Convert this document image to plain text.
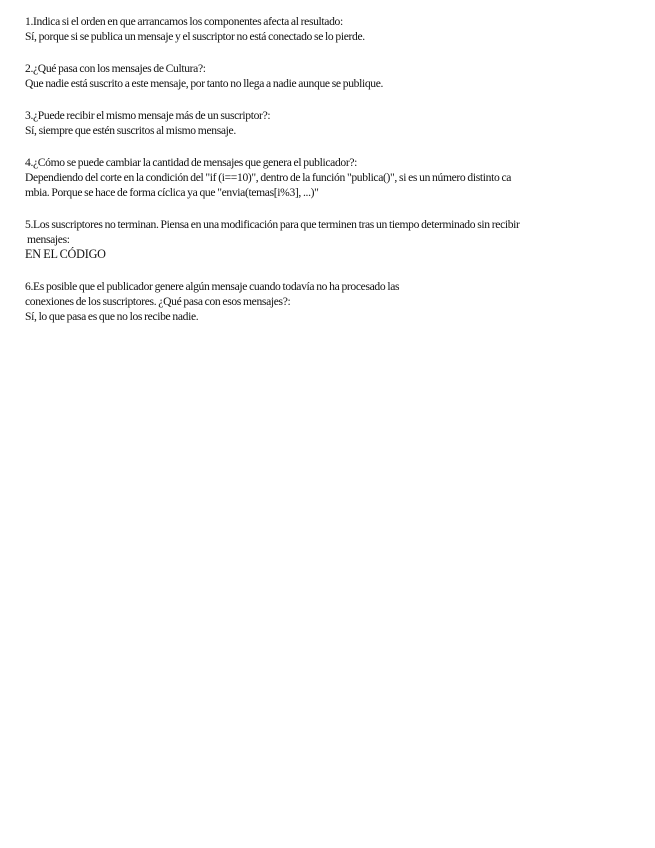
1.Indica si el orden en que arrancamos los componentes afecta al resultado:
Sí, porque si se publica un mensaje y el suscriptor no está conectado se lo pierde.
2.¿Qué pasa con los mensajes de Cultura?:
Que nadie está suscrito a este mensaje, por tanto no llega a nadie aunque se publique.
3.¿Puede recibir el mismo mensaje más de un suscriptor?:
Sí, siempre que estén suscritos al mismo mensaje.
4.¿Cómo se puede cambiar la cantidad de mensajes que genera el publicador?:
Dependiendo del corte en la condición del "if (i==10)", dentro de la función "publica()", si es un número distinto ca
mbia. Porque se hace de forma cíclica ya que "envia(temas[i%3], ...)"
5.Los suscriptores no terminan. Piensa en una modificación para que terminen tras un tiempo determinado sin recibir
mensajes:
EN EL CÓDIGO
6.Es posible que el publicador genere algún mensaje cuando todavía no ha procesado las
conexiones de los suscriptores. ¿Qué pasa con esos mensajes?:
Sí, lo que pasa es que no los recibe nadie.
